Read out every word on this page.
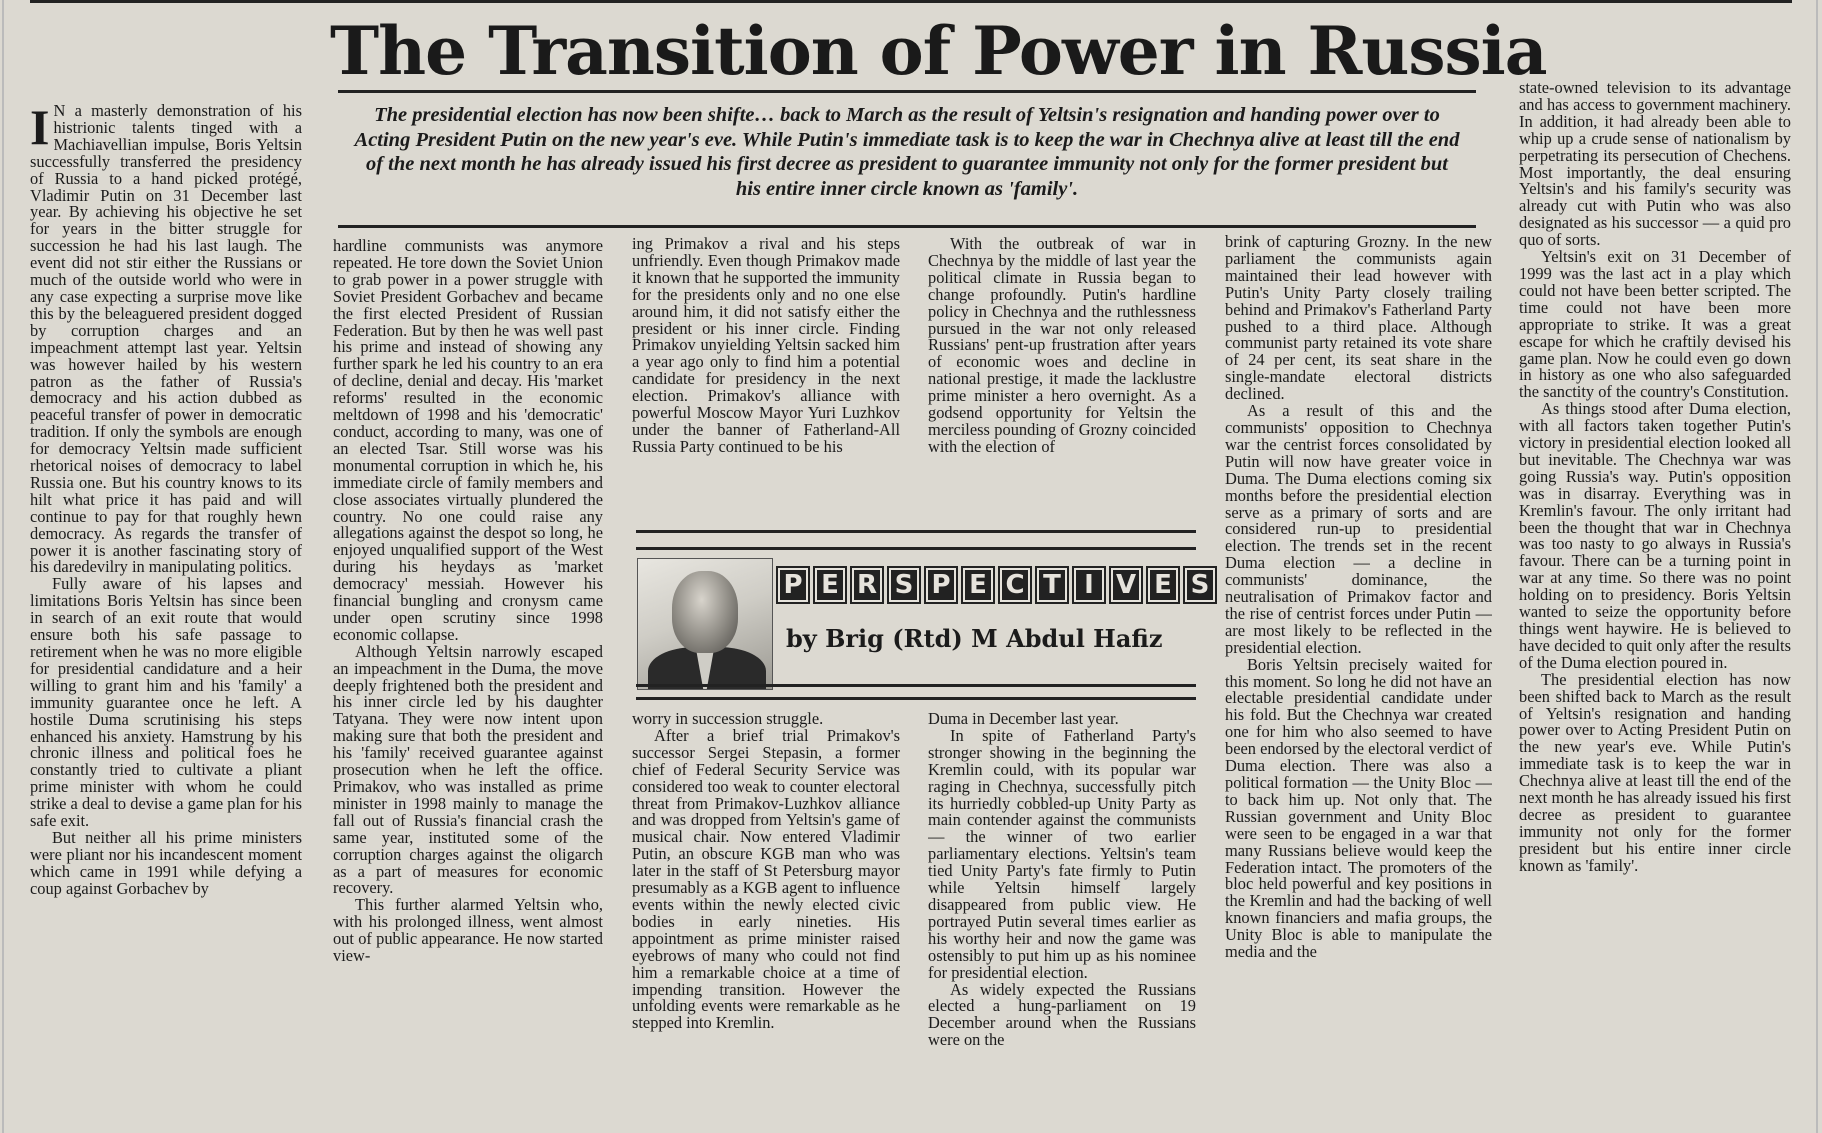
The Transition of Power in Russia
The presidential election has now been shifte… back to March as the result of Yeltsin's resignation and handing power over to Acting President Putin on the new year's eve. While Putin's immediate task is to keep the war in Chechnya alive at least till the end of the next month he has already issued his first decree as president to guarantee immunity not only for the former president but his entire inner circle known as 'family'.

I N a masterly demonstration of his histrionic talents tinged with a Machiavellian impulse, Boris Yeltsin successfully transferred the presidency of Russia to a hand picked protégé, Vladimir Putin on 31 December last year. By achieving his objective he set for years in the bitter struggle for succession he had his last laugh. The event did not stir either the Russians or much of the outside world who were in any case expecting a surprise move like this by the beleaguered president dogged by corruption charges and an impeachment attempt last year. Yeltsin was however hailed by his western patron as the father of Russia's democracy and his action dubbed as peaceful transfer of power in democratic tradition. If only the symbols are enough for democracy Yeltsin made sufficient rhetorical noises of democracy to label Russia one. But his country knows to its hilt what price it has paid and will continue to pay for that roughly hewn democracy. As regards the transfer of power it is another fascinating story of his daredevilry in manipulating politics.

Fully aware of his lapses and limitations Boris Yeltsin has since been in search of an exit route that would ensure both his safe passage to retirement when he was no more eligible for presidential candidature and a heir willing to grant him and his 'family' a immunity guarantee once he left. A hostile Duma scrutinising his steps enhanced his anxiety. Hamstrung by his chronic illness and political foes he constantly tried to cultivate a pliant prime minister with whom he could strike a deal to devise a game plan for his safe exit.

But neither all his prime ministers were pliant nor his incandescent moment which came in 1991 while defying a coup against Gorbachev by

hardline communists was anymore repeated. He tore down the Soviet Union to grab power in a power struggle with Soviet President Gorbachev and became the first elected President of Russian Federation. But by then he was well past his prime and instead of showing any further spark he led his country to an era of decline, denial and decay. His 'market reforms' resulted in the economic meltdown of 1998 and his 'democratic' conduct, according to many, was one of an elected Tsar. Still worse was his monumental corruption in which he, his immediate circle of family members and close associates virtually plundered the country. No one could raise any allegations against the despot so long, he enjoyed unqualified support of the West during his heydays as 'market democracy' messiah. However his financial bungling and cronysm came under open scrutiny since 1998 economic collapse.

Although Yeltsin narrowly escaped an impeachment in the Duma, the move deeply frightened both the president and his inner circle led by his daughter Tatyana. They were now intent upon making sure that both the president and his 'family' received guarantee against prosecution when he left the office. Primakov, who was installed as prime minister in 1998 mainly to manage the fall out of Russia's financial crash the same year, instituted some of the corruption charges against the oligarch as a part of measures for economic recovery.

This further alarmed Yeltsin who, with his prolonged illness, went almost out of public appearance. He now started view-

ing Primakov a rival and his steps unfriendly. Even though Primakov made it known that he supported the immunity for the presidents only and no one else around him, it did not satisfy either the president or his inner circle. Finding Primakov unyielding Yeltsin sacked him a year ago only to find him a potential candidate for presidency in the next election. Primakov's alliance with powerful Moscow Mayor Yuri Luzhkov under the banner of Fatherland-All Russia Party continued to be his

With the outbreak of war in Chechnya by the middle of last year the political climate in Russia began to change profoundly. Putin's hardline policy in Chechnya and the ruthlessness pursued in the war not only released Russians' pent-up frustration after years of economic woes and decline in national prestige, it made the lacklustre prime minister a hero overnight. As a godsend opportunity for Yeltsin the merciless pounding of Grozny coincided with the election of

P E R S P E C T I V E S
by Brig (Rtd) M Abdul Hafiz

worry in succession struggle.

After a brief trial Primakov's successor Sergei Stepasin, a former chief of Federal Security Service was considered too weak to counter electoral threat from Primakov-Luzhkov alliance and was dropped from Yeltsin's game of musical chair. Now entered Vladimir Putin, an obscure KGB man who was later in the staff of St Petersburg mayor presumably as a KGB agent to influence events within the newly elected civic bodies in early nineties. His appointment as prime minister raised eyebrows of many who could not find him a remarkable choice at a time of impending transition. However the unfolding events were remarkable as he stepped into Kremlin.

Duma in December last year.

In spite of Fatherland Party's stronger showing in the beginning the Kremlin could, with its popular war raging in Chechnya, successfully pitch its hurriedly cobbled-up Unity Party as main contender against the communists — the winner of two earlier parliamentary elections. Yeltsin's team tied Unity Party's fate firmly to Putin while Yeltsin himself largely disappeared from public view. He portrayed Putin several times earlier as his worthy heir and now the game was ostensibly to put him up as his nominee for presidential election.

As widely expected the Russians elected a hung-parliament on 19 December around when the Russians were on the

brink of capturing Grozny. In the new parliament the communists again maintained their lead however with Putin's Unity Party closely trailing behind and Primakov's Fatherland Party pushed to a third place. Although communist party retained its vote share of 24 per cent, its seat share in the single-mandate electoral districts declined.

As a result of this and the communists' opposition to Chechnya war the centrist forces consolidated by Putin will now have greater voice in Duma. The Duma elections coming six months before the presidential election serve as a primary of sorts and are considered run-up to presidential election. The trends set in the recent Duma election — a decline in communists' dominance, the neutralisation of Primakov factor and the rise of centrist forces under Putin — are most likely to be reflected in the presidential election.

Boris Yeltsin precisely waited for this moment. So long he did not have an electable presidential candidate under his fold. But the Chechnya war created one for him who also seemed to have been endorsed by the electoral verdict of Duma election. There was also a political formation — the Unity Bloc — to back him up. Not only that. The Russian government and Unity Bloc were seen to be engaged in a war that many Russians believe would keep the Federation intact. The promoters of the bloc held powerful and key positions in the Kremlin and had the backing of well known financiers and mafia groups, the Unity Bloc is able to manipulate the media and the

state-owned television to its advantage and has access to government machinery. In addition, it had already been able to whip up a crude sense of nationalism by perpetrating its persecution of Chechens. Most importantly, the deal ensuring Yeltsin's and his family's security was already cut with Putin who was also designated as his successor — a quid pro quo of sorts.

Yeltsin's exit on 31 December of 1999 was the last act in a play which could not have been better scripted. The time could not have been more appropriate to strike. It was a great escape for which he craftily devised his game plan. Now he could even go down in history as one who also safeguarded the sanctity of the country's Constitution.

As things stood after Duma election, with all factors taken together Putin's victory in presidential election looked all but inevitable. The Chechnya war was going Russia's way. Putin's opposition was in disarray. Everything was in Kremlin's favour. The only irritant had been the thought that war in Chechnya was too nasty to go always in Russia's favour. There can be a turning point in war at any time. So there was no point holding on to presidency. Boris Yeltsin wanted to seize the opportunity before things went haywire. He is believed to have decided to quit only after the results of the Duma election poured in.

The presidential election has now been shifted back to March as the result of Yeltsin's resignation and handing power over to Acting President Putin on the new year's eve. While Putin's immediate task is to keep the war in Chechnya alive at least till the end of the next month he has already issued his first decree as president to guarantee immunity not only for the former president but his entire inner circle known as 'family'.
